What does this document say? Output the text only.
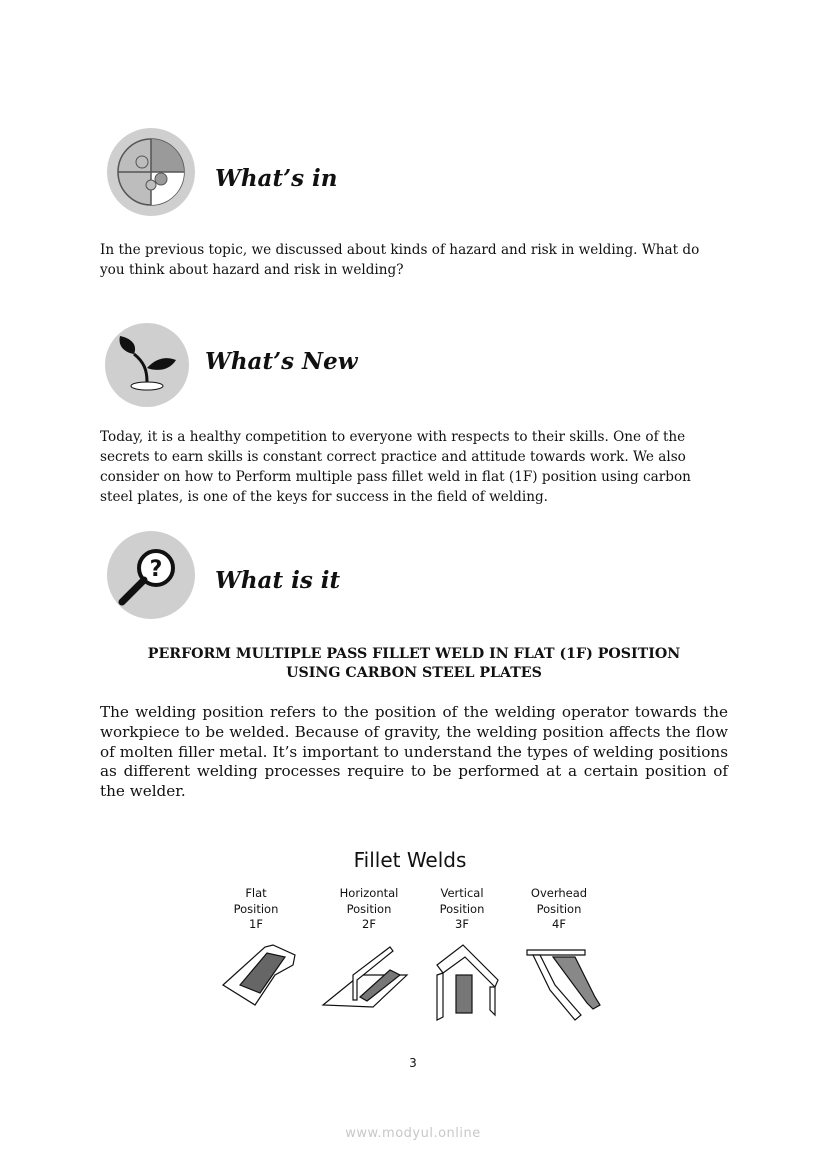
What’s in
In the previous topic, we discussed about kinds of hazard and risk in welding. What do you think about hazard and risk in welding?
What’s New
Today, it is a healthy competition to everyone with respects to their skills. One of the secrets to earn skills is constant correct practice and attitude towards work. We also consider on how to Perform multiple pass fillet weld in flat (1F) position using carbon steel plates, is one of the keys for success in the field of welding.
? What is it
PERFORM MULTIPLE PASS FILLET WELD IN FLAT (1F) POSITION
USING CARBON STEEL PLATES
The welding position refers to the position of the welding operator towards the workpiece to be welded. Because of gravity, the welding position affects the flow of molten filler metal. It’s important to understand the types of welding positions as different welding processes require to be performed at a certain position of the welder.
Fillet Welds
Flat
Position
1F
Horizontal
Position
2F
Vertical
Position
3F
Overhead
Position
4F
3
www.modyul.online
